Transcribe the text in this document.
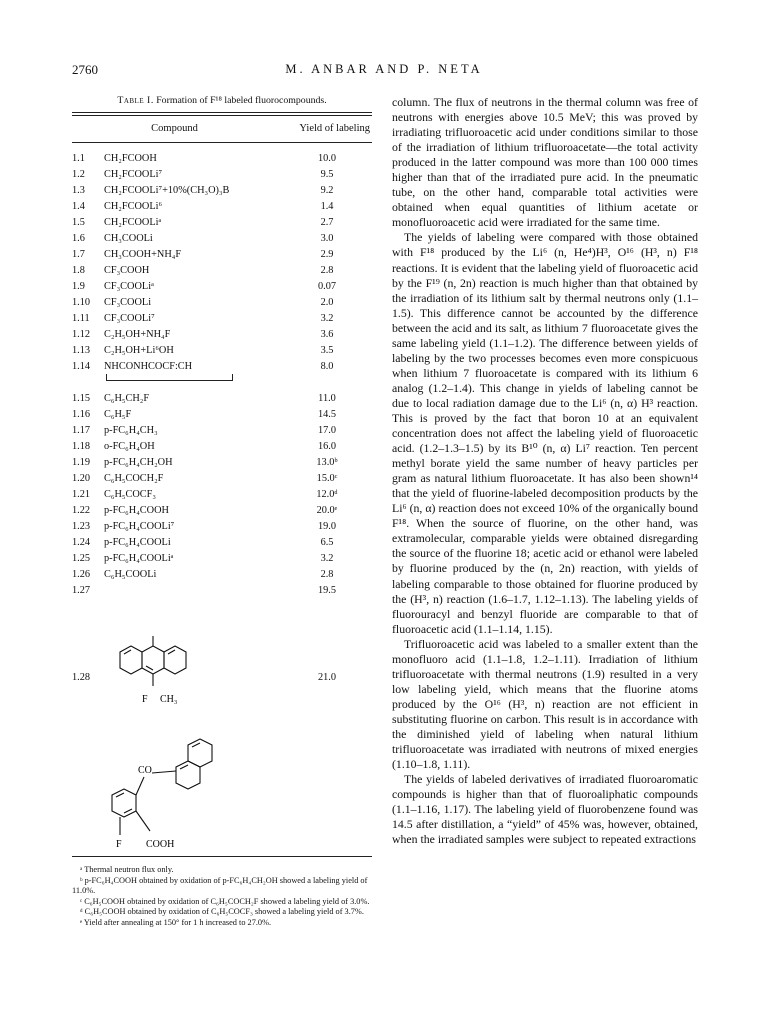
2760	M. ANBAR AND P. NETA
Table I. Formation of F¹⁸ labeled fluorocompounds.
Compound	Yield of labeling
1.1 CH₂FCOOH	10.0
1.2 CH₂FCOOLi⁷	9.5
1.3 CH₂FCOOLi⁷+10%(CH₃O)₃B	9.2
1.4 CH₂FCOOLi⁶	1.4
1.5 CH₂FCOOLiᵃ	2.7
1.6 CH₃COOLi	3.0
1.7 CH₃COOH+NH₄F	2.9
1.8 CF₃COOH	2.8
1.9 CF₃COOLiᵃ	0.07
1.10 CF₃COOLi	2.0
1.11 CF₃COOLi⁷	3.2
1.12 C₂H₅OH+NH₄F	3.6
1.13 C₂H₅OH+Li⁶OH	3.5
1.14 NHCONHCOCF:CH	8.0
1.15 C₆H₅CH₂F	11.0
1.16 C₆H₅F	14.5
1.17 p-FC₆H₄CH₃	17.0
1.18 o-FC₆H₄OH	16.0
1.19 p-FC₆H₄CH₂OH	13.0ᵇ
1.20 C₆H₅COCH₂F	15.0ᶜ
1.21 C₆H₅COCF₃	12.0ᵈ
1.22 p-FC₆H₄COOH	20.0ᵉ
1.23 p-FC₆H₄COOLi⁷	19.0
1.24 p-FC₆H₄COOLi	6.5
1.25 p-FC₆H₄COOLiᵃ	3.2
1.26 C₆H₅COOLi	2.8
1.27	19.5
1.28	21.0
F CH₃
CO
F COOH

ᵃ Thermal neutron flux only.

ᵇ p-FC₆H₄COOH obtained by oxidation of p-FC₆H₄CH₂OH showed a labeling yield of 11.0%.

ᶜ C₆H₅COOH obtained by oxidation of C₆H₅COCH₂F showed a labeling yield of 3.0%.

ᵈ C₆H₅COOH obtained by oxidation of C₆H₅COCF₃ showed a labeling yield of 3.7%.

ᵉ Yield after annealing at 150° for 1 h increased to 27.0%.

column. The flux of neutrons in the thermal column was free of neutrons with energies above 10.5 MeV; this was proved by irradiating trifluoroacetic acid under conditions similar to those of the irradiation of lithium trifluoroacetate—the total activity produced in the latter compound was more than 100 000 times higher than that of the irradiated pure acid. In the pneumatic tube, on the other hand, comparable total activities were obtained when equal quantities of lithium acetate or monofluoroacetic acid were irradiated for the same time.

The yields of labeling were compared with those obtained with F¹⁸ produced by the Li⁶ (n, He⁴)H³, O¹⁶ (H³, n) F¹⁸ reactions. It is evident that the labeling yield of fluoroacetic acid by the F¹⁹ (n, 2n) reaction is much higher than that obtained by the irradiation of its lithium salt by thermal neutrons only (1.1–1.5). This difference cannot be accounted by the difference between the acid and its salt, as lithium 7 fluoroacetate gives the same labeling yield (1.1–1.2). The difference between yields of labeling by the two processes becomes even more conspicuous when lithium 7 fluoroacetate is compared with its lithium 6 analog (1.2–1.4). This change in yields of labeling cannot be due to local radiation damage due to the Li⁶ (n, α) H³ reaction. This is proved by the fact that boron 10 at an equivalent concentration does not affect the labeling yield of fluoroacetic acid. (1.2–1.3–1.5) by its B¹⁰ (n, α) Li⁷ reaction. Ten percent methyl borate yield the same number of heavy particles per gram as natural lithium fluoroacetate. It has also been shown¹⁴ that the yield of fluorine-labeled decomposition products by the Li⁶ (n, α) reaction does not exceed 10% of the organically bound F¹⁸. When the source of fluorine, on the other hand, was extramolecular, comparable yields were obtained disregarding the source of the fluorine 18; acetic acid or ethanol were labeled by fluorine produced by the (n, 2n) reaction, with yields of labeling comparable to those obtained for fluorine produced by the (H³, n) reaction (1.6–1.7, 1.12–1.13). The labeling yields of fluorouracyl and benzyl fluoride are comparable to that of fluoroacetic acid (1.1–1.14, 1.15).

Trifluoroacetic acid was labeled to a smaller extent than the monofluoro acid (1.1–1.8, 1.2–1.11). Irradiation of lithium trifluoroacetate with thermal neutrons (1.9) resulted in a very low labeling yield, which means that the fluorine atoms produced by the O¹⁶ (H³, n) reaction are not efficient in substituting fluorine on carbon. This result is in accordance with the diminished yield of labeling when natural lithium trifluoroacetate was irradiated with neutrons of mixed energies (1.10–1.8, 1.11).

The yields of labeled derivatives of irradiated fluoroaromatic compounds is higher than that of fluoroaliphatic compounds (1.1–1.16, 1.17). The labeling yield of fluorobenzene found was 14.5 after distillation, a “yield” of 45% was, however, obtained, when the irradiated samples were subject to repeated extractions
